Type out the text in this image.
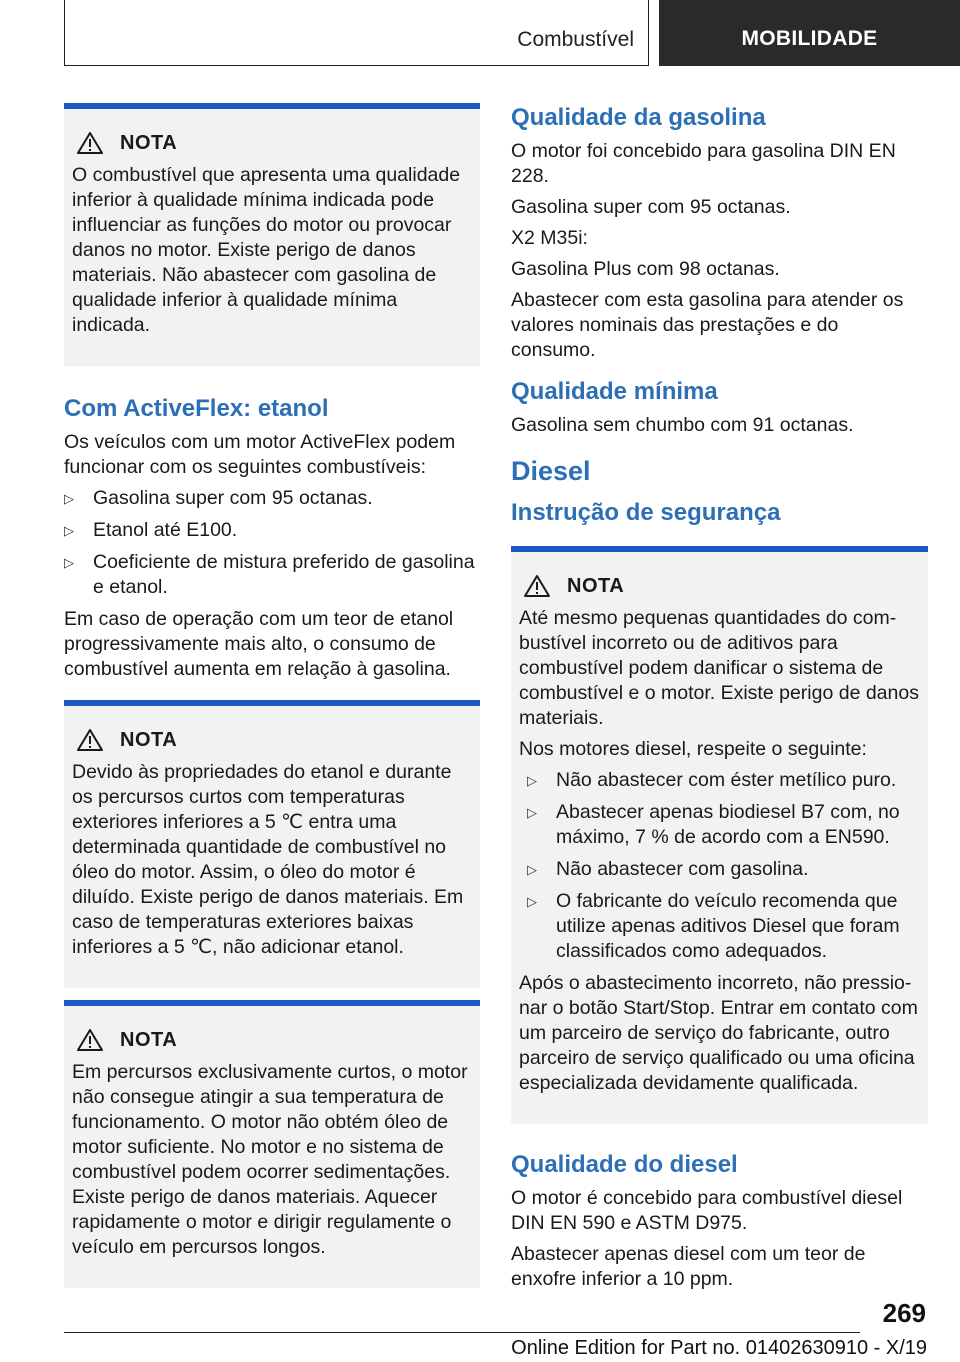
Combustível	MOBILIDADE
NOTA

O combustível que apresenta uma qualidade inferior à qualidade mínima indicada pode influenciar as funções do motor ou provocar danos no motor. Existe perigo de danos materiais. Não abastecer com gasolina de qualidade inferior à qualidade mínima indicada.

Com ActiveFlex: etanol

Os veículos com um motor ActiveFlex podem funcionar com os seguintes combustíveis:

▷ Gasolina super com 95 octanas.
▷ Etanol até E100.
▷ Coeficiente de mistura preferido de gasolina e etanol.

Em caso de operação com um teor de etanol progressivamente mais alto, o consumo de combustível aumenta em relação à gasolina.

NOTA

Devido às propriedades do etanol e durante os percursos curtos com temperaturas exteriores inferiores a 5 ℃ entra uma determinada quantidade de combustível no óleo do motor. Assim, o óleo do motor é diluído. Existe perigo de danos materiais. Em caso de temperaturas exteriores baixas inferiores a 5 ℃, não adicionar etanol.

NOTA

Em percursos exclusivamente curtos, o motor não consegue atingir a sua temperatura de funcionamento. O motor não obtém óleo de motor suficiente. No motor e no sistema de combustível podem ocorrer sedimentações. Existe perigo de danos materiais. Aquecer rapidamente o motor e dirigir regulamente o veículo em percursos longos.

Qualidade da gasolina

O motor foi concebido para gasolina DIN EN 228.

Gasolina super com 95 octanas.

X2 M35i:

Gasolina Plus com 98 octanas.

Abastecer com esta gasolina para atender os valores nominais das prestações e do consumo.

Qualidade mínima

Gasolina sem chumbo com 91 octanas.

Diesel
Instrução de segurança
NOTA

Até mesmo pequenas quantidades do combustível incorreto ou de aditivos para combustível podem danificar o sistema de combustível e o motor. Existe perigo de danos materiais.

Nos motores diesel, respeite o seguinte:

▷ Não abastecer com éster metílico puro.
▷ Abastecer apenas biodiesel B7 com, no máximo, 7 % de acordo com a EN590.
▷ Não abastecer com gasolina.
▷ O fabricante do veículo recomenda que utilize apenas aditivos Diesel que foram classificados como adequados.

Após o abastecimento incorreto, não pressionar o botão Start/Stop. Entrar em contato com um parceiro de serviço do fabricante, outro parceiro de serviço qualificado ou uma oficina especializada devidamente qualificada.

Qualidade do diesel

O motor é concebido para combustível diesel DIN EN 590 e ASTM D975.

Abastecer apenas diesel com um teor de enxofre inferior a 10 ppm.

269
Online Edition for Part no. 01402630910 - X/19
